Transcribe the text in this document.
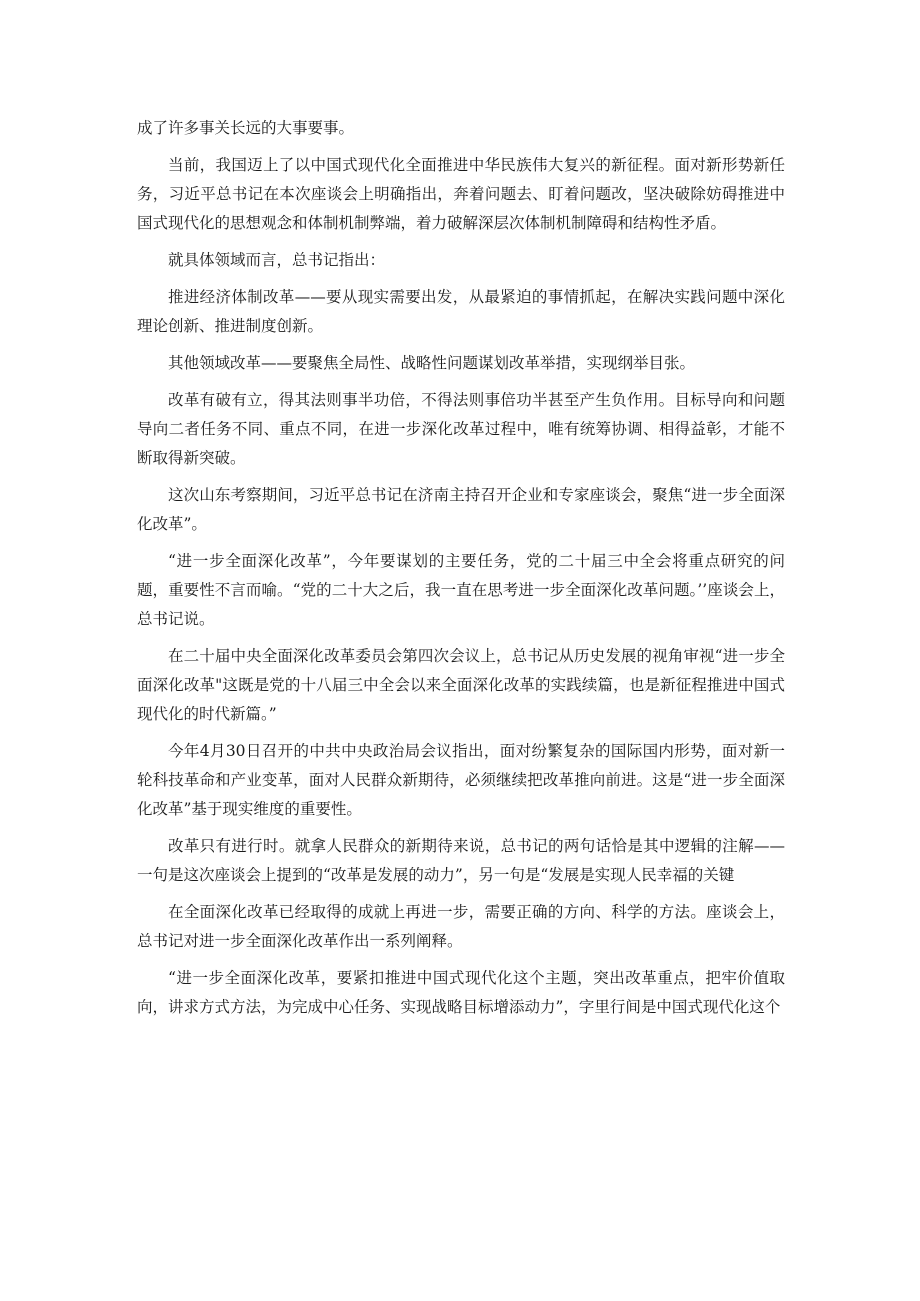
成了许多事关长远的大事要事。

当前，我国迈上了以中国式现代化全面推进中华民族伟大复兴的新征程。面对新形势新任务，习近平总书记在本次座谈会上明确指出，奔着问题去、盯着问题改，坚决破除妨碍推进中国式现代化的思想观念和体制机制弊端，着力破解深层次体制机制障碍和结构性矛盾。

就具体领域而言，总书记指出：

推进经济体制改革——要从现实需要出发，从最紧迫的事情抓起，在解决实践问题中深化理论创新、推进制度创新。

其他领域改革——要聚焦全局性、战略性问题谋划改革举措，实现纲举目张。

改革有破有立，得其法则事半功倍，不得法则事倍功半甚至产生负作用。目标导向和问题导向二者任务不同、重点不同，在进一步深化改革过程中，唯有统筹协调、相得益彰，才能不断取得新突破。

这次山东考察期间，习近平总书记在济南主持召开企业和专家座谈会，聚焦“进一步全面深化改革”。

“进一步全面深化改革”，今年要谋划的主要任务，党的二十届三中全会将重点研究的问题，重要性不言而喻。“党的二十大之后，我一直在思考进一步全面深化改革问题。’’座谈会上，总书记说。

在二十届中央全面深化改革委员会第四次会议上，总书记从历史发展的视角审视“进一步全面深化改革"这既是党的十八届三中全会以来全面深化改革的实践续篇，也是新征程推进中国式现代化的时代新篇。”

今年4月30日召开的中共中央政治局会议指出，面对纷繁复杂的国际国内形势，面对新一轮科技革命和产业变革，面对人民群众新期待，必须继续把改革推向前进。这是“进一步全面深化改革”基于现实维度的重要性。

改革只有进行时。就拿人民群众的新期待来说，总书记的两句话恰是其中逻辑的注解——一句是这次座谈会上提到的“改革是发展的动力”，另一句是“发展是实现人民幸福的关键

在全面深化改革已经取得的成就上再进一步，需要正确的方向、科学的方法。座谈会上，总书记对进一步全面深化改革作出一系列阐释。

“进一步全面深化改革，要紧扣推进中国式现代化这个主题，突出改革重点，把牢价值取向，讲求方式方法，为完成中心任务、实现战略目标增添动力”，字里行间是中国式现代化这个
